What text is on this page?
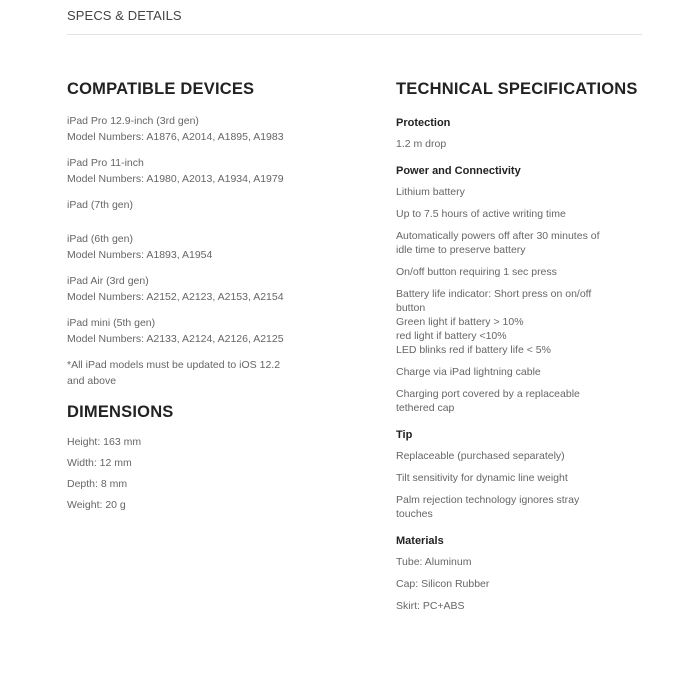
SPECS & DETAILS
COMPATIBLE DEVICES
iPad Pro 12.9-inch (3rd gen)
Model Numbers: A1876, A2014, A1895, A1983
iPad Pro 11-inch
Model Numbers: A1980, A2013, A1934, A1979
iPad (7th gen)
iPad (6th gen)
Model Numbers: A1893, A1954
iPad Air (3rd gen)
Model Numbers: A2152, A2123, A2153, A2154
iPad mini (5th gen)
Model Numbers: A2133, A2124, A2126, A2125
*All iPad models must be updated to iOS 12.2
and above
DIMENSIONS
Height: 163 mm
Width: 12 mm
Depth: 8 mm
Weight: 20 g
TECHNICAL SPECIFICATIONS
Protection
1.2 m drop
Power and Connectivity
Lithium battery
Up to 7.5 hours of active writing time
Automatically powers off after 30 minutes of
idle time to preserve battery
On/off button requiring 1 sec press
Battery life indicator: Short press on on/off
button
Green light if battery > 10%
red light if battery <10%
LED blinks red if battery life < 5%
Charge via iPad lightning cable
Charging port covered by a replaceable
tethered cap
Tip
Replaceable (purchased separately)
Tilt sensitivity for dynamic line weight
Palm rejection technology ignores stray
touches
Materials
Tube: Aluminum
Cap: Silicon Rubber
Skirt: PC+ABS
